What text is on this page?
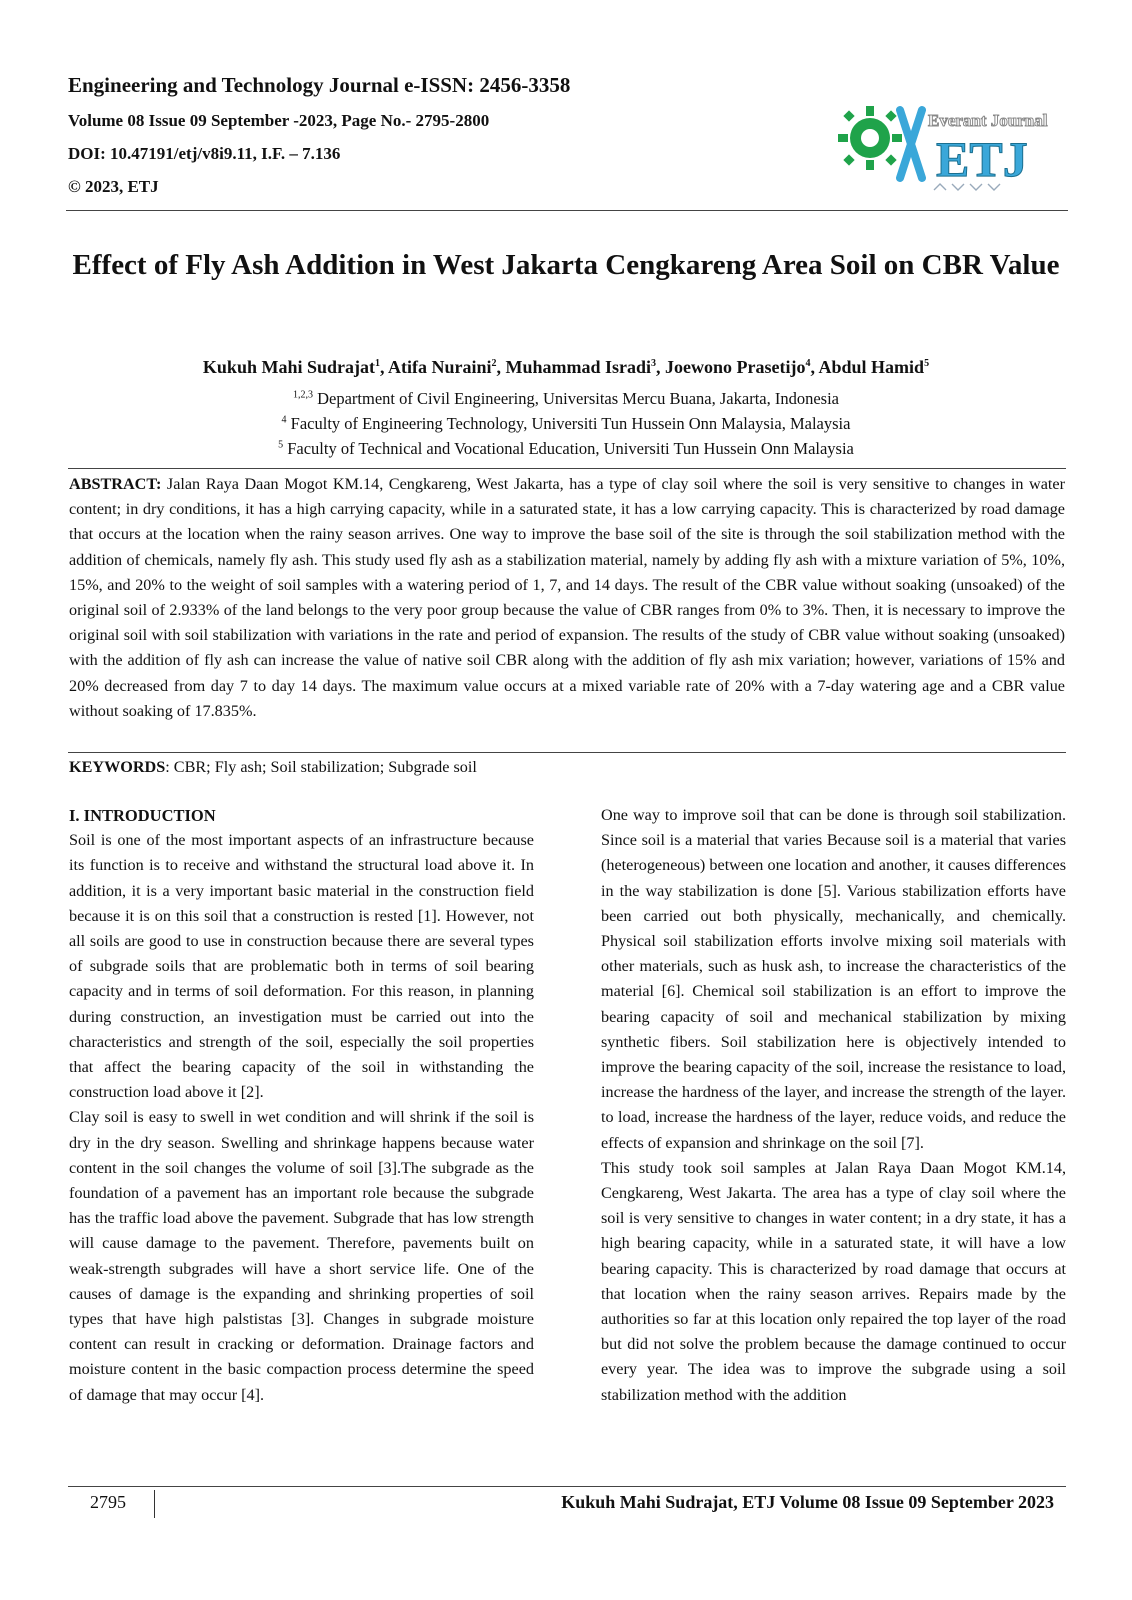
Engineering and Technology Journal e-ISSN: 2456-3358
Volume 08 Issue 09 September -2023, Page No.- 2795-2800
DOI: 10.47191/etj/v8i9.11, I.F. – 7.136
© 2023, ETJ
Everant Journal
ETJ
Effect of Fly Ash Addition in West Jakarta Cengkareng Area Soil on CBR Value
Kukuh Mahi Sudrajat$^1$, Atifa Nuraini$^2$, Muhammad Isradi$^3$, Joewono Prasetijo$^4$, Abdul Hamid$^5$
$^{1,2,3}$ Department of Civil Engineering, Universitas Mercu Buana, Jakarta, Indonesia
$^4$ Faculty of Engineering Technology, Universiti Tun Hussein Onn Malaysia, Malaysia
$^5$ Faculty of Technical and Vocational Education, Universiti Tun Hussein Onn Malaysia
ABSTRACT: Jalan Raya Daan Mogot KM.14, Cengkareng, West Jakarta, has a type of clay soil where the soil is very sensitive to changes in water content; in dry conditions, it has a high carrying capacity, while in a saturated state, it has a low carrying capacity. This is characterized by road damage that occurs at the location when the rainy season arrives. One way to improve the base soil of the site is through the soil stabilization method with the addition of chemicals, namely fly ash. This study used fly ash as a stabilization material, namely by adding fly ash with a mixture variation of 5%, 10%, 15%, and 20% to the weight of soil samples with a watering period of 1, 7, and 14 days. The result of the CBR value without soaking (unsoaked) of the original soil of 2.933% of the land belongs to the very poor group because the value of CBR ranges from 0% to 3%. Then, it is necessary to improve the original soil with soil stabilization with variations in the rate and period of expansion. The results of the study of CBR value without soaking (unsoaked) with the addition of fly ash can increase the value of native soil CBR along with the addition of fly ash mix variation; however, variations of 15% and 20% decreased from day 7 to day 14 days. The maximum value occurs at a mixed variable rate of 20% with a 7-day watering age and a CBR value without soaking of 17.835%.
KEYWORDS: CBR; Fly ash; Soil stabilization; Subgrade soil
I. INTRODUCTION

Soil is one of the most important aspects of an infrastructure because its function is to receive and withstand the structural load above it. In addition, it is a very important basic material in the construction field because it is on this soil that a construction is rested [1]. However, not all soils are good to use in construction because there are several types of subgrade soils that are problematic both in terms of soil bearing capacity and in terms of soil deformation. For this reason, in planning during construction, an investigation must be carried out into the characteristics and strength of the soil, especially the soil properties that affect the bearing capacity of the soil in withstanding the construction load above it [2].

Clay soil is easy to swell in wet condition and will shrink if the soil is dry in the dry season. Swelling and shrinkage happens because water content in the soil changes the volume of soil [3].The subgrade as the foundation of a pavement has an important role because the subgrade has the traffic load above the pavement. Subgrade that has low strength will cause damage to the pavement. Therefore, pavements built on weak-strength subgrades will have a short service life. One of the causes of damage is the expanding and shrinking properties of soil types that have high palstistas [3]. Changes in subgrade moisture content can result in cracking or deformation. Drainage factors and moisture content in the basic compaction process determine the speed of damage that may occur [4].

One way to improve soil that can be done is through soil stabilization. Since soil is a material that varies Because soil is a material that varies (heterogeneous) between one location and another, it causes differences in the way stabilization is done [5]. Various stabilization efforts have been carried out both physically, mechanically, and chemically. Physical soil stabilization efforts involve mixing soil materials with other materials, such as husk ash, to increase the characteristics of the material [6]. Chemical soil stabilization is an effort to improve the bearing capacity of soil and mechanical stabilization by mixing synthetic fibers. Soil stabilization here is objectively intended to improve the bearing capacity of the soil, increase the resistance to load, increase the hardness of the layer, and increase the strength of the layer. to load, increase the hardness of the layer, reduce voids, and reduce the effects of expansion and shrinkage on the soil [7].

This study took soil samples at Jalan Raya Daan Mogot KM.14, Cengkareng, West Jakarta. The area has a type of clay soil where the soil is very sensitive to changes in water content; in a dry state, it has a high bearing capacity, while in a saturated state, it will have a low bearing capacity. This is characterized by road damage that occurs at that location when the rainy season arrives. Repairs made by the authorities so far at this location only repaired the top layer of the road but did not solve the problem because the damage continued to occur every year. The idea was to improve the subgrade using a soil stabilization method with the addition

2795	Kukuh Mahi Sudrajat, ETJ Volume 08 Issue 09 September 2023
